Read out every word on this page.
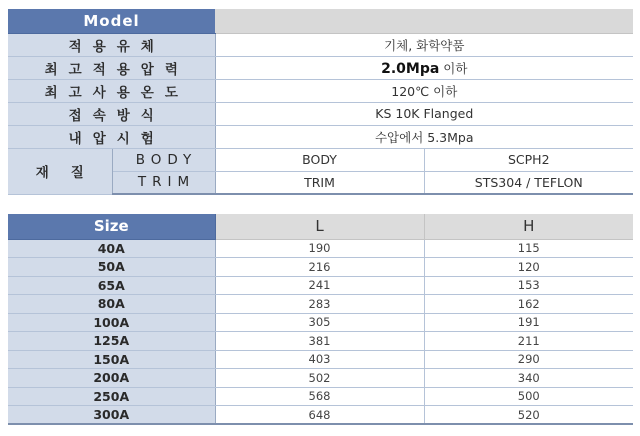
Model			
적용유체		기체, 화학약품	
최고적용압력		2.0Mpa 이하	
최고사용온도		120℃ 이하	
접속방식		KS 10K Flanged	
내압시험		수압에서 5.3Mpa	
재질	BODY	BODY	SCPH2
	TRIM	TRIM	STS304 / TEFLON
Size	L	H
40A	190	115
50A	216	120
65A	241	153
80A	283	162
100A	305	191
125A	381	211
150A	403	290
200A	502	340
250A	568	500
300A	648	520
